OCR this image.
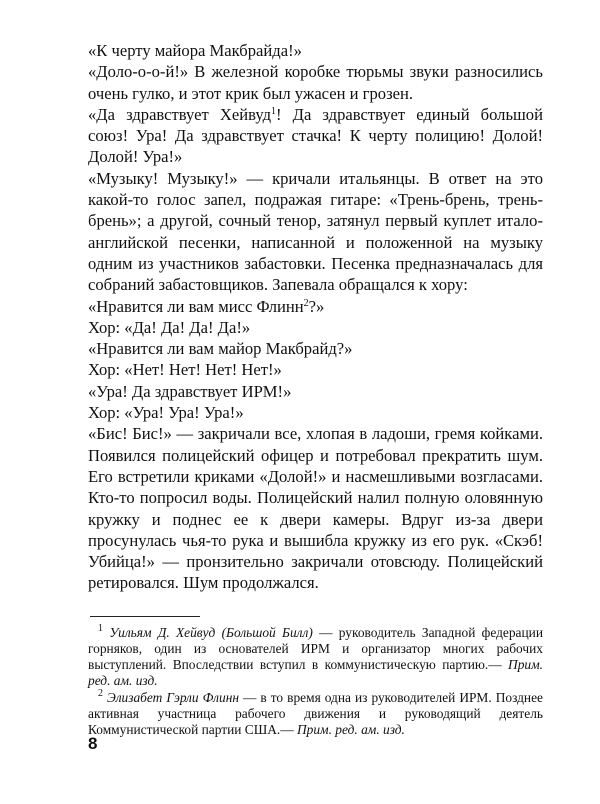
«К черту майора Макбрайда!»

«Доло-о-о-й!» В железной коробке тюрьмы звуки разносились очень гулко, и этот крик был ужасен и грозен.

«Да здравствует Хейвуд$^1$! Да здравствует единый большой союз! Ура! Да здравствует стачка! К черту полицию! Долой! Долой! Ура!»

«Музыку! Музыку!» — кричали итальянцы. В ответ на это какой-то голос запел, подражая гитаре: «Трень-брень, трень-брень»; а другой, сочный тенор, затянул первый куплет итало-английской песенки, написанной и положенной на музыку одним из участников забастовки. Песенка предназначалась для собраний забастовщиков. Запевала обращался к хору:

«Нравится ли вам мисс Флинн$^2$?»

Хор: «Да! Да! Да! Да!»

«Нравится ли вам майор Макбрайд?»

Хор: «Нет! Нет! Нет! Нет!»

«Ура! Да здравствует ИРМ!»

Хор: «Ура! Ура! Ура!»

«Бис! Бис!» — закричали все, хлопая в ладоши, гремя койками. Появился полицейский офицер и потребовал прекратить шум. Его встретили криками «Долой!» и насмешливыми возгласами. Кто-то попросил воды. Полицейский налил полную оловянную кружку и поднес ее к двери камеры. Вдруг из-за двери просунулась чья-то рука и вышибла кружку из его рук. «Скэб! Убийца!» — пронзительно закричали отовсюду. Полицейский ретировался. Шум продолжался.

$^1$ Уильям Д. Хейвуд (Большой Билл) — руководитель Западной федерации горняков, один из основателей ИРМ и организатор многих рабочих выступлений. Впоследствии вступил в коммунистическую партию.— Прим. ред. ам. изд.

$^2$ Элизабет Гэрли Флинн — в то время одна из руководителей ИРМ. Позднее активная участница рабочего движения и руководящий деятель Коммунистической партии США.— Прим. ред. ам. изд.

8
